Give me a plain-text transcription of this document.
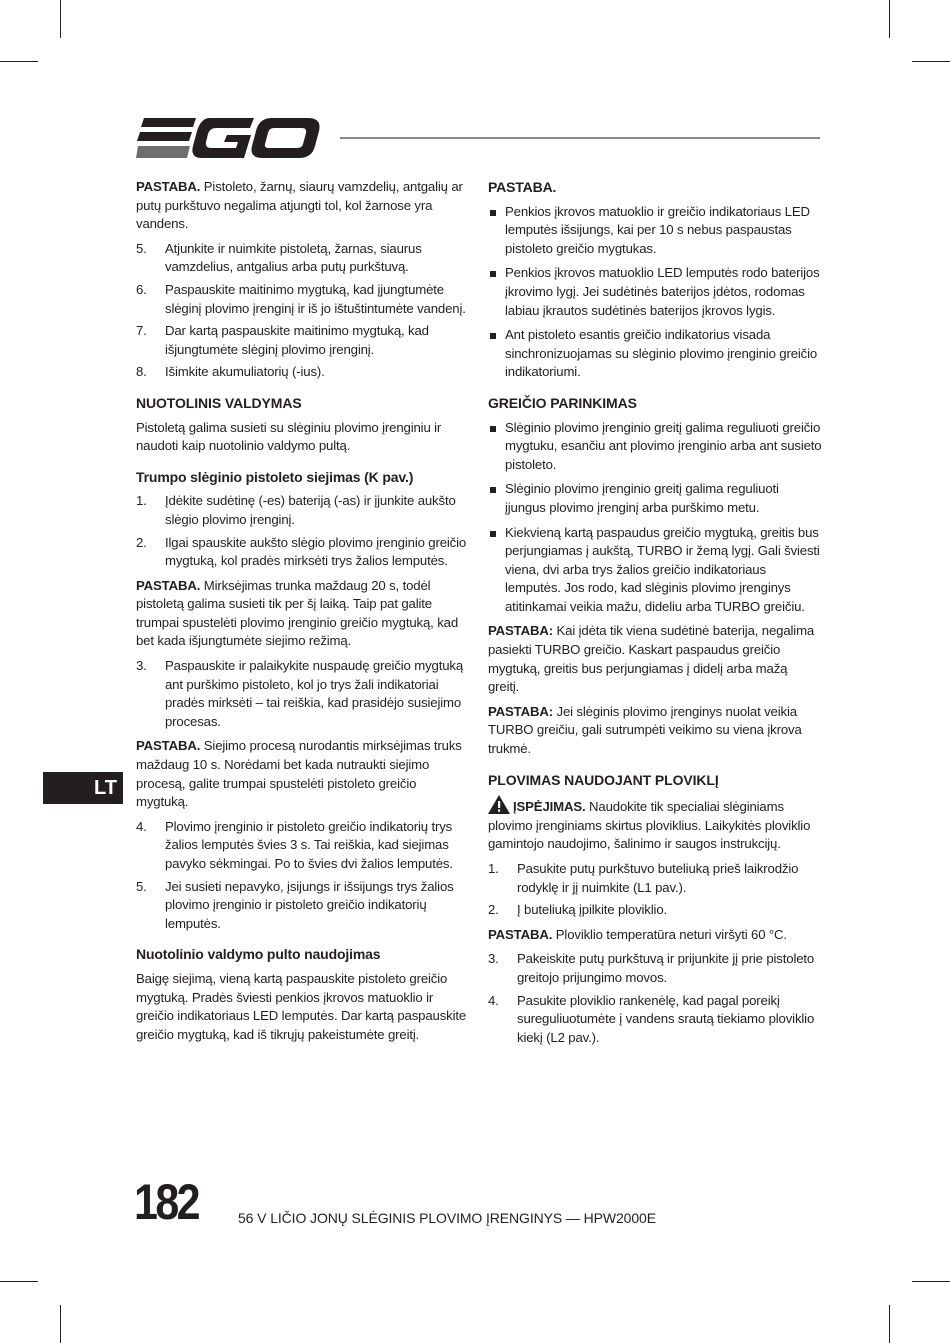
PASTABA. Pistoleto, žarnų, siaurų vamzdelių, antgalių ar putų purkštuvo negalima atjungti tol, kol žarnose yra vandens.

5. Atjunkite ir nuimkite pistoletą, žarnas, siaurus vamzdelius, antgalius arba putų purkštuvą.
6. Paspauskite maitinimo mygtuką, kad įjungtumėte slėginį plovimo įrenginį ir iš jo ištuštintumėte vandenį.
7. Dar kartą paspauskite maitinimo mygtuką, kad išjungtumėte slėginį plovimo įrenginį.
8. Išimkite akumuliatorių (-ius).
NUOTOLINIS VALDYMAS

Pistoletą galima susieti su slėginiu plovimo įrenginiu ir naudoti kaip nuotolinio valdymo pultą.

Trumpo slėginio pistoleto siejimas (K pav.)
1. Įdėkite sudėtinę (-es) bateriją (-as) ir įjunkite aukšto slėgio plovimo įrenginį.
2. Ilgai spauskite aukšto slėgio plovimo įrenginio greičio mygtuką, kol pradės mirksėti trys žalios lemputės.

PASTABA. Mirksėjimas trunka maždaug 20 s, todėl pistoletą galima susieti tik per šį laiką. Taip pat galite trumpai spustelėti plovimo įrenginio greičio mygtuką, kad bet kada išjungtumėte siejimo režimą.

3. Paspauskite ir palaikykite nuspaudę greičio mygtuką ant purškimo pistoleto, kol jo trys žali indikatoriai pradės mirksėti – tai reiškia, kad prasidėjo susiejimo procesas.

PASTABA. Siejimo procesą nurodantis mirksėjimas truks maždaug 10 s. Norėdami bet kada nutraukti siejimo procesą, galite trumpai spustelėti pistoleto greičio mygtuką.

4. Plovimo įrenginio ir pistoleto greičio indikatorių trys žalios lemputės švies 3 s. Tai reiškia, kad siejimas pavyko sėkmingai. Po to švies dvi žalios lemputės.
5. Jei susieti nepavyko, įsijungs ir išsijungs trys žalios plovimo įrenginio ir pistoleto greičio indikatorių lemputės.
Nuotolinio valdymo pulto naudojimas

Baigę siejimą, vieną kartą paspauskite pistoleto greičio mygtuką. Pradės šviesti penkios įkrovos matuoklio ir greičio indikatoriaus LED lemputės. Dar kartą paspauskite greičio mygtuką, kad iš tikrųjų pakeistumėte greitį.

PASTABA.
Penkios įkrovos matuoklio ir greičio indikatoriaus LED lemputės išsijungs, kai per 10 s nebus paspaustas pistoleto greičio mygtukas.
Penkios įkrovos matuoklio LED lemputės rodo baterijos įkrovimo lygį. Jei sudėtinės baterijos įdėtos, rodomas labiau įkrautos sudėtinės baterijos įkrovos lygis.
Ant pistoleto esantis greičio indikatorius visada sinchronizuojamas su slėginio plovimo įrenginio greičio indikatoriumi.
GREIČIO PARINKIMAS
Slėginio plovimo įrenginio greitį galima reguliuoti greičio mygtuku, esančiu ant plovimo įrenginio arba ant susieto pistoleto.
Slėginio plovimo įrenginio greitį galima reguliuoti įjungus plovimo įrenginį arba purškimo metu.
Kiekvieną kartą paspaudus greičio mygtuką, greitis bus perjungiamas į aukštą, TURBO ir žemą lygį. Gali šviesti viena, dvi arba trys žalios greičio indikatoriaus lemputės. Jos rodo, kad slėginis plovimo įrenginys atitinkamai veikia mažu, dideliu arba TURBO greičiu.

PASTABA: Kai įdėta tik viena sudėtinė baterija, negalima pasiekti TURBO greičio. Kaskart paspaudus greičio mygtuką, greitis bus perjungiamas į didelį arba mažą greitį.

PASTABA: Jei slėginis plovimo įrenginys nuolat veikia TURBO greičiu, gali sutrumpėti veikimo su viena įkrova trukmė.

PLOVIMAS NAUDOJANT PLOVIKLĮ

ĮSPĖJIMAS. Naudokite tik specialiai slėginiams plovimo įrenginiams skirtus ploviklius. Laikykitės ploviklio gamintojo naudojimo, šalinimo ir saugos instrukcijų.

1. Pasukite putų purkštuvo buteliuką prieš laikrodžio rodyklę ir jį nuimkite (L1 pav.).
2. Į buteliuką įpilkite ploviklio.

PASTABA. Ploviklio temperatūra neturi viršyti 60 °C.

3. Pakeiskite putų purkštuvą ir prijunkite jį prie pistoleto greitojo prijungimo movos.
4. Pasukite ploviklio rankenėlę, kad pagal poreikį sureguliuotumėte į vandens srautą tiekiamo ploviklio kiekį (L2 pav.).
LT
182	56 V LIČIO JONŲ SLĖGINIS PLOVIMO ĮRENGINYS — HPW2000E
